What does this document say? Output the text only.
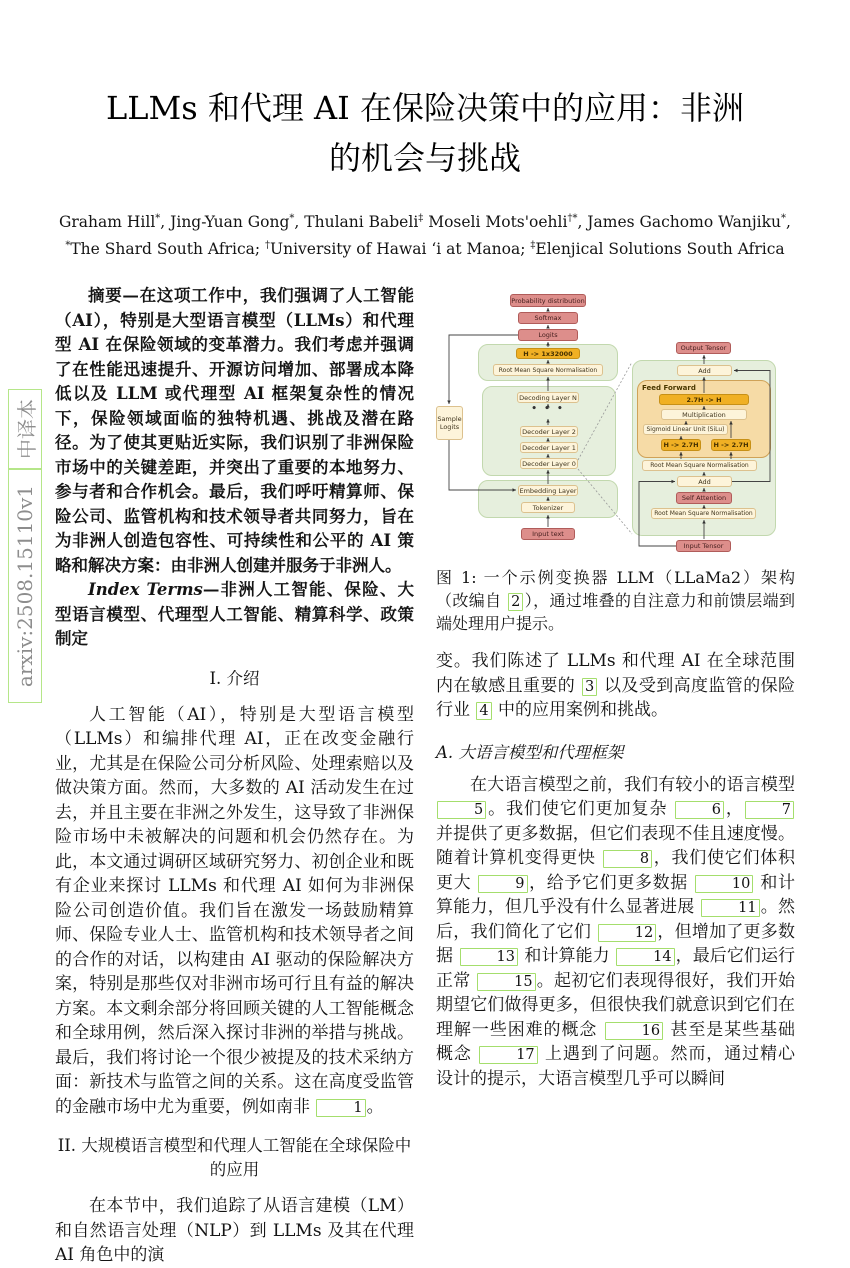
arxiv:2508.15110v1
中译本
LLMs 和代理 AI 在保险决策中的应用：非洲
的机会与挑战
Graham Hill*, Jing-Yuan Gong*, Thulani Babeli‡ Moseli Mots'oehli†*, James Gachomo Wanjiku*,
*The Shard South Africa; †University of Hawai ʻi at Manoa; ‡Elenjical Solutions South Africa

摘要—在这项工作中，我们强调了人工智能（AI），特别是大型语言模型（LLMs）和代理型 AI 在保险领域的变革潜力。我们考虑并强调了在性能迅速提升、开源访问增加、部署成本降低以及 LLM 或代理型 AI 框架复杂性的情况下，保险领域面临的独特机遇、挑战及潜在路径。为了使其更贴近实际，我们识别了非洲保险市场中的关键差距，并突出了重要的本地努力、参与者和合作机会。最后，我们呼吁精算师、保险公司、监管机构和技术领导者共同努力，旨在为非洲人创造包容性、可持续性和公平的 AI 策略和解决方案：由非洲人创建并服务于非洲人。

Index Terms—非洲人工智能、保险、大型语言模型、代理型人工智能、精算科学、政策制定

I. 介绍

人工智能（AI），特别是大型语言模型（LLMs）和编排代理 AI，正在改变金融行业，尤其是在保险公司分析风险、处理索赔以及做决策方面。然而，大多数的 AI 活动发生在过去，并且主要在非洲之外发生，这导致了非洲保险市场中未被解决的问题和机会仍然存在。为此，本文通过调研区域研究努力、初创企业和既有企业来探讨 LLMs 和代理 AI 如何为非洲保险公司创造价值。我们旨在激发一场鼓励精算师、保险专业人士、监管机构和技术领导者之间的合作的对话，以构建由 AI 驱动的保险解决方案，特别是那些仅对非洲市场可行且有益的解决方案。本文剩余部分将回顾关键的人工智能概念和全球用例，然后深入探讨非洲的举措与挑战。最后，我们将讨论一个很少被提及的技术采纳方面：新技术与监管之间的关系。这在高度受监管的金融市场中尤为重要，例如南非	1 。

II. 大规模语言模型和代理人工智能在全球保险中的应用

在本节中，我们追踪了从语言建模（LM）和自然语言处理（NLP）到 LLMs 及其在代理 AI 角色中的演

Feed Forward
Probability distribution
Softmax
Logits
H -> 1x32000
Root Mean Square Normalisation
Decoding Layer N
• • •
Decoder Layer 2
Decoder Layer 1
Decoder Layer 0
Embedding Layer
Tokenizer
Input text
Sample Logits
Output Tensor
Add
2.7H -> H
Multiplication
Sigmoid Linear Unit (SiLu)
H -> 2.7H	H -> 2.7H
Root Mean Square Normalisation
Add
Self Attention
Root Mean Square Normalisation
Input Tensor

图 1: 一个示例变换器 LLM（LLaMa2）架构（改编自 2 ），通过堆叠的自注意力和前馈层端到端处理用户提示。

变。我们陈述了 LLMs 和代理 AI 在全球范围内在敏感且重要的 3 以及受到高度监管的保险行业 4 中的应用案例和挑战。

A. 大语言模型和代理框架

在大语言模型之前，我们有较小的语言模型 5 。我们使它们更加复杂	6 ，	7 并提供了更多数据，但它们表现不佳且速度慢。随着计算机变得更快	8 ，我们使它们体积更大	9 ，给予它们更多数据	10 和计算能力，但几乎没有什么显著进展	11 。然后，我们简化了它们	12 ，但增加了更多数据	13 和计算能力	14 ，最后它们运行正常	15 。起初它们表现得很好，我们开始期望它们做得更多，但很快我们就意识到它们在理解一些困难的概念	16 甚至是某些基础概念	17 上遇到了问题。然而，通过精心设计的提示，大语言模型几乎可以瞬间
